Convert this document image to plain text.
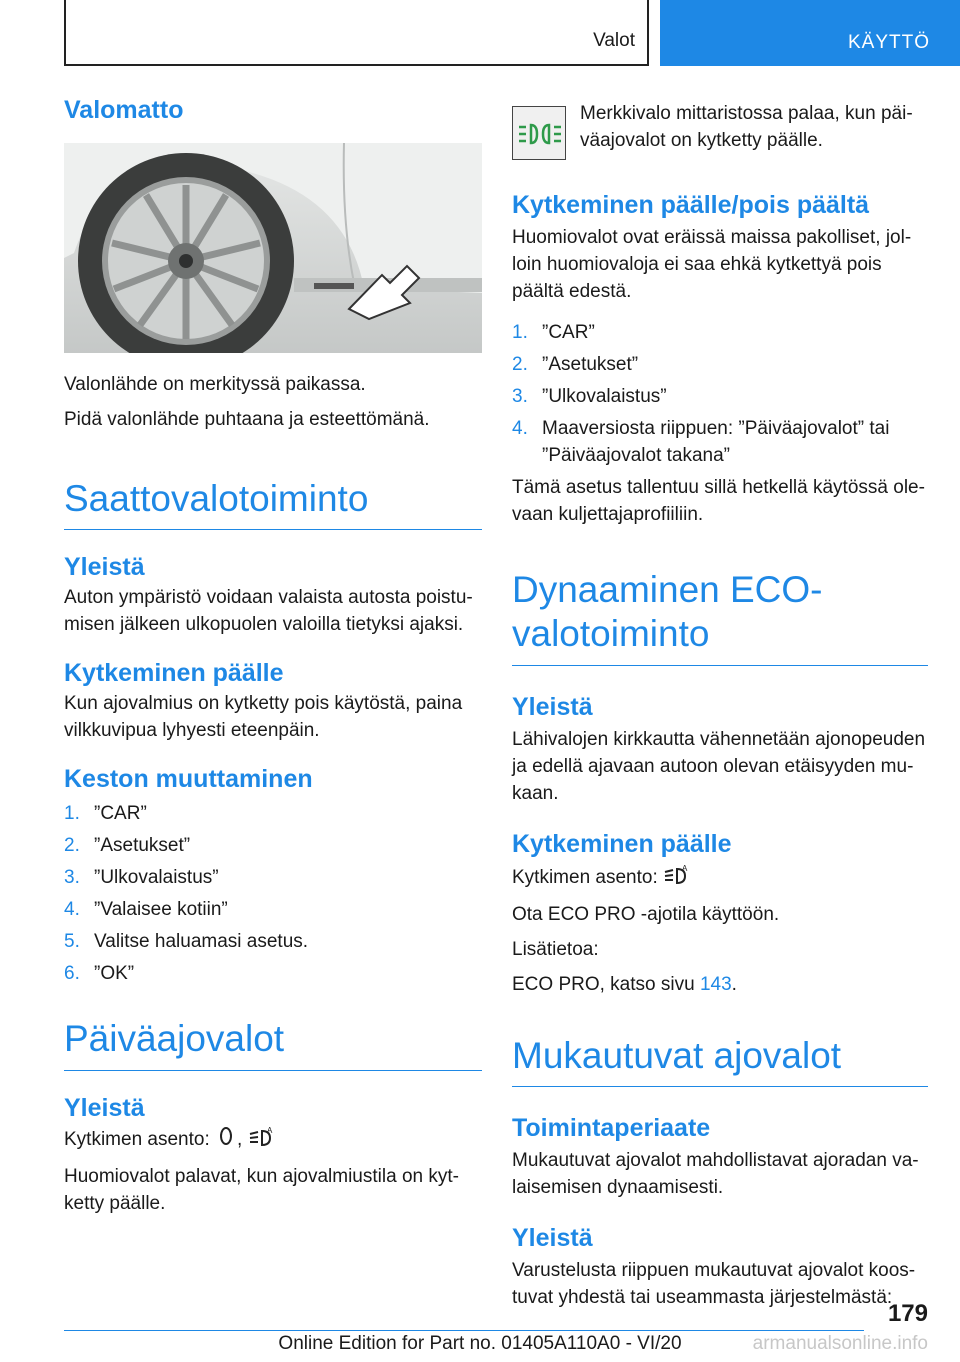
Valot	KÄYTTÖ
Valomatto

Valonlähde on merkityssä paikassa.

Pidä valonlähde puhtaana ja esteettömänä.

Saattovalotoiminto
Yleistä

Auton ympäristö voidaan valaista autosta poistumisen jälkeen ulkopuolen valoilla tietyksi ajaksi.

Kytkeminen päälle

Kun ajovalmius on kytketty pois käytöstä, paina vilkkuvipua lyhyesti eteenpäin.

Keston muuttaminen
1. ”CAR”
2. ”Asetukset”
3. ”Ulkovalaistus”
4. ”Valaisee kotiin”
5. Valitse haluamasi asetus.
6. ”OK”
Päiväajovalot
Yleistä

Kytkimen asento: ,	A

Huomiovalot palavat, kun ajovalmiustila on kytketty päälle.

Merkkivalo mittaristossa palaa, kun päiväajovalot on kytketty päälle.

Kytkeminen päälle/pois päältä

Huomiovalot ovat eräissä maissa pakolliset, jolloin huomiovaloja ei saa ehkä kytkettyä pois päältä edestä.

1. ”CAR”
2. ”Asetukset”
3. ”Ulkovalaistus”
4. Maaversiosta riippuen: ”Päiväajovalot” tai ”Päiväajovalot takana”

Tämä asetus tallentuu sillä hetkellä käytössä olevaan kuljettajaprofiiliin.

Dynaaminen ECO-valotoiminto
Yleistä

Lähivalojen kirkkautta vähennetään ajonopeuden ja edellä ajavaan autoon olevan etäisyyden mukaan.

Kytkeminen päälle

Kytkimen asento:	A

Ota ECO PRO -ajotila käyttöön.

Lisätietoa:

ECO PRO, katso sivu 143.

Mukautuvat ajovalot
Toimintaperiaate

Mukautuvat ajovalot mahdollistavat ajoradan valaisemisen dynaamisesti.

Yleistä

Varustelusta riippuen mukautuvat ajovalot koostuvat yhdestä tai useammasta järjestelmästä:

179
Online Edition for Part no. 01405A110A0 - VI/20	armanualsonline.info
